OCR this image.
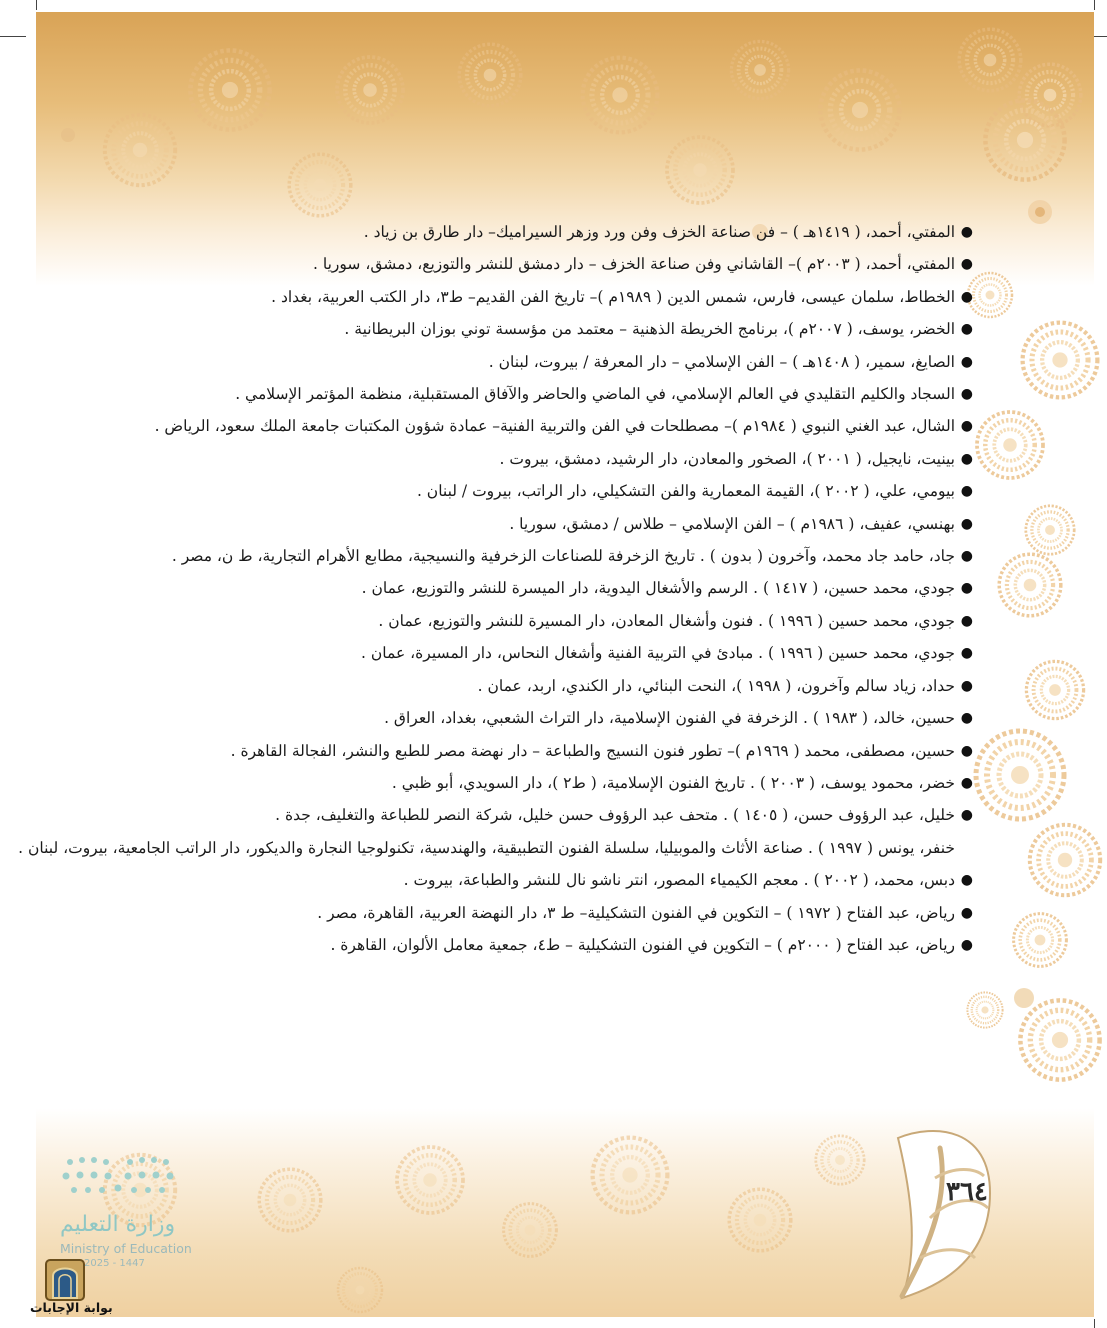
٣٦٤

●
المفتي، أحمد، ( ١٤١٩هـ ) – فن صناعة الخزف وفن ورد وزهر السيراميك– دار طارق بن زياد .

●
المفتي، أحمد، ( ٢٠٠٣م )– القاشاني وفن صناعة الخزف – دار دمشق للنشر والتوزيع، دمشق، سوريا .

●
الخطاط، سلمان عيسى، فارس، شمس الدين ( ١٩٨٩م )– تاريخ الفن القديم– ط٣، دار الكتب العربية، بغداد .

●
الخضر، يوسف، ( ٢٠٠٧م )، برنامج الخريطة الذهنية – معتمد من مؤسسة توني بوزان البريطانية .

●
الصايغ، سمير، ( ١٤٠٨هـ ) – الفن الإسلامي – دار المعرفة / بيروت، لبنان .

●
السجاد والكليم التقليدي في العالم الإسلامي، في الماضي والحاضر والآفاق المستقبلية، منظمة المؤتمر الإسلامي .

●
الشال، عبد الغني النبوي ( ١٩٨٤م )– مصطلحات في الفن والتربية الفنية– عمادة شؤون المكتبات جامعة الملك سعود، الرياض .

●
بينيت، نايجيل، ( ٢٠٠١ )، الصخور والمعادن، دار الرشيد، دمشق، بيروت .

●
بيومي، علي، ( ٢٠٠٢ )، القيمة المعمارية والفن التشكيلي، دار الراتب، بيروت / لبنان .

●
بهنسي، عفيف، ( ١٩٨٦م ) – الفن الإسلامي – طلاس / دمشق، سوريا .

●
جاد، حامد جاد محمد، وآخرون ( بدون ) . تاريخ الزخرفة للصناعات الزخرفية والنسيجية، مطابع الأهرام التجارية، ط ن، مصر .

●
جودي، محمد حسين، ( ١٤١٧ ) . الرسم والأشغال اليدوية، دار الميسرة للنشر والتوزيع، عمان .

●
جودي، محمد حسين ( ١٩٩٦ ) . فنون وأشغال المعادن، دار المسيرة للنشر والتوزيع، عمان .

●
جودي، محمد حسين ( ١٩٩٦ ) . مبادئ في التربية الفنية وأشغال النحاس، دار المسيرة، عمان .

●
حداد، زياد سالم وآخرون، ( ١٩٩٨ )، النحت البنائي، دار الكندي، اربد، عمان .

●
حسين، خالد، ( ١٩٨٣ ) . الزخرفة في الفنون الإسلامية، دار التراث الشعبي، بغداد، العراق .

●
حسين، مصطفى، محمد ( ١٩٦٩م )– تطور فنون النسيج والطباعة – دار نهضة مصر للطبع والنشر، الفجالة القاهرة .

●
خضر، محمود يوسف، ( ٢٠٠٣ ) . تاريخ الفنون الإسلامية، ( ط٢ )، دار السويدي، أبو ظبي .

●
خليل، عبد الرؤوف حسن، ( ١٤٠٥ ) . متحف عبد الرؤوف حسن خليل، شركة النصر للطباعة والتغليف، جدة .

خنفر، يونس ( ١٩٩٧ ) . صناعة الأثاث والموبيليا، سلسلة الفنون التطبيقية، والهندسية، تكنولوجيا النجارة والديكور، دار الراتب الجامعية، بيروت، لبنان .

●
دبس، محمد، ( ٢٠٠٢ ) . معجم الكيمياء المصور، انتر ناشو نال للنشر والطباعة، بيروت .

●
رياض، عبد الفتاح ( ١٩٧٢ ) – التكوين في الفنون التشكيلية– ط ٣، دار النهضة العربية، القاهرة، مصر .

●
رياض، عبد الفتاح ( ٢٠٠٠م ) – التكوين في الفنون التشكيلية – ط٤، جمعية معامل الألوان، القاهرة .

وزارة التعليم
Ministry of Education
2025 - 1447
بوابة الإجابات
